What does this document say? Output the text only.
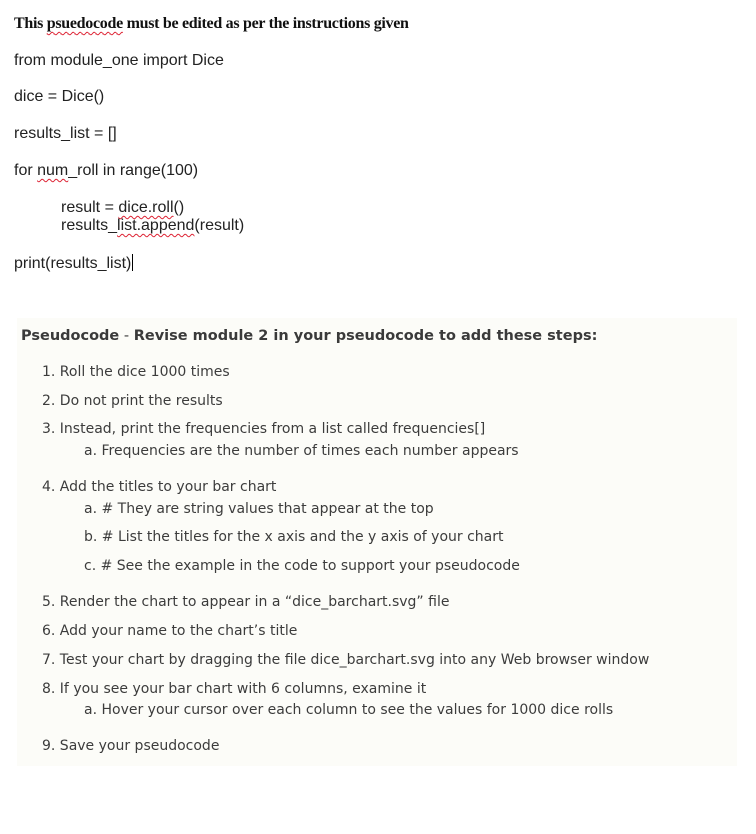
This psuedocode must be edited as per the instructions given
from module_one import Dice
dice = Dice()
results_list = []
for num_roll in range(100)
result = dice.roll()
results_list.append(result)
print(results_list)
Pseudocode - Revise module 2 in your pseudocode to add these steps:
1. Roll the dice 1000 times
2. Do not print the results
3. Instead, print the frequencies from a list called frequencies[]
a. Frequencies are the number of times each number appears
4. Add the titles to your bar chart
a. # They are string values that appear at the top
b. # List the titles for the x axis and the y axis of your chart
c. # See the example in the code to support your pseudocode
5. Render the chart to appear in a “dice_barchart.svg” file
6. Add your name to the chart’s title
7. Test your chart by dragging the file dice_barchart.svg into any Web browser window
8. If you see your bar chart with 6 columns, examine it
a. Hover your cursor over each column to see the values for 1000 dice rolls
9. Save your pseudocode
